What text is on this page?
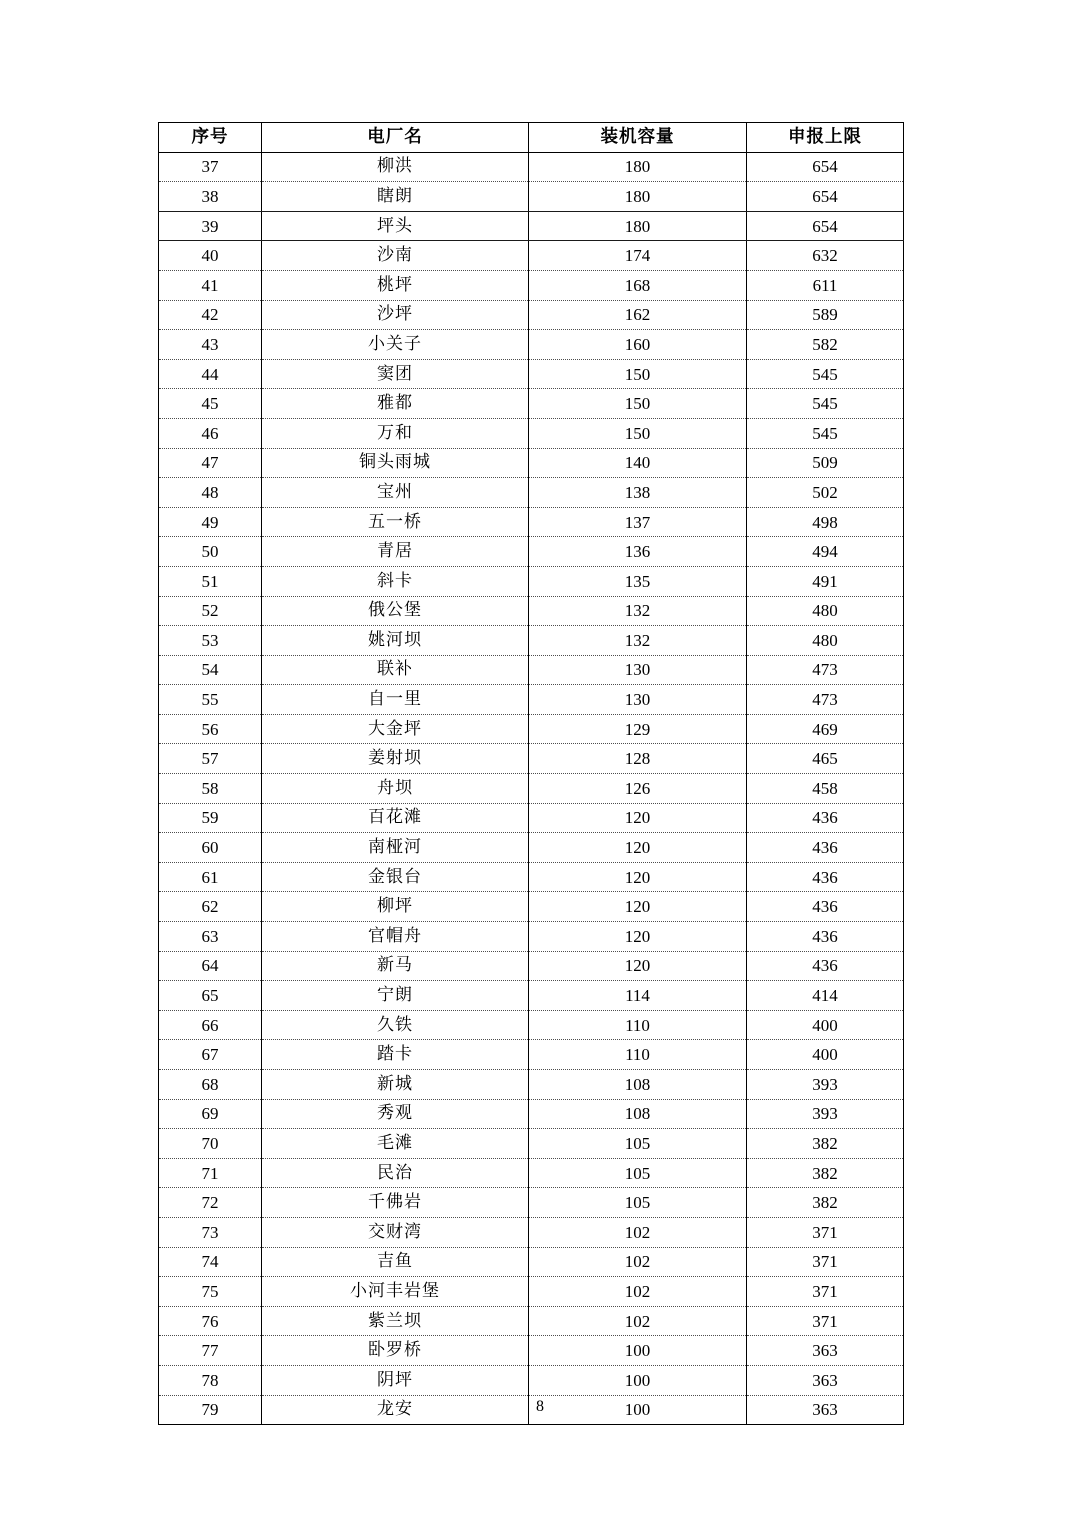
序号	电厂名	装机容量	申报上限
37	柳洪	180	654
38	瞎朗	180	654
39	坪头	180	654
40	沙南	174	632
41	桃坪	168	611
42	沙坪	162	589
43	小关子	160	582
44	窦团	150	545
45	雅都	150	545
46	万和	150	545
47	铜头雨城	140	509
48	宝州	138	502
49	五一桥	137	498
50	青居	136	494
51	斜卡	135	491
52	俄公堡	132	480
53	姚河坝	132	480
54	联补	130	473
55	自一里	130	473
56	大金坪	129	469
57	姜射坝	128	465
58	舟坝	126	458
59	百花滩	120	436
60	南桠河	120	436
61	金银台	120	436
62	柳坪	120	436
63	官帽舟	120	436
64	新马	120	436
65	宁朗	114	414
66	久铁	110	400
67	踏卡	110	400
68	新城	108	393
69	秀观	108	393
70	毛滩	105	382
71	民治	105	382
72	千佛岩	105	382
73	交财湾	102	371
74	吉鱼	102	371
75	小河丰岩堡	102	371
76	紫兰坝	102	371
77	卧罗桥	100	363
78	阴坪	100	363
79	龙安	100	363
8
